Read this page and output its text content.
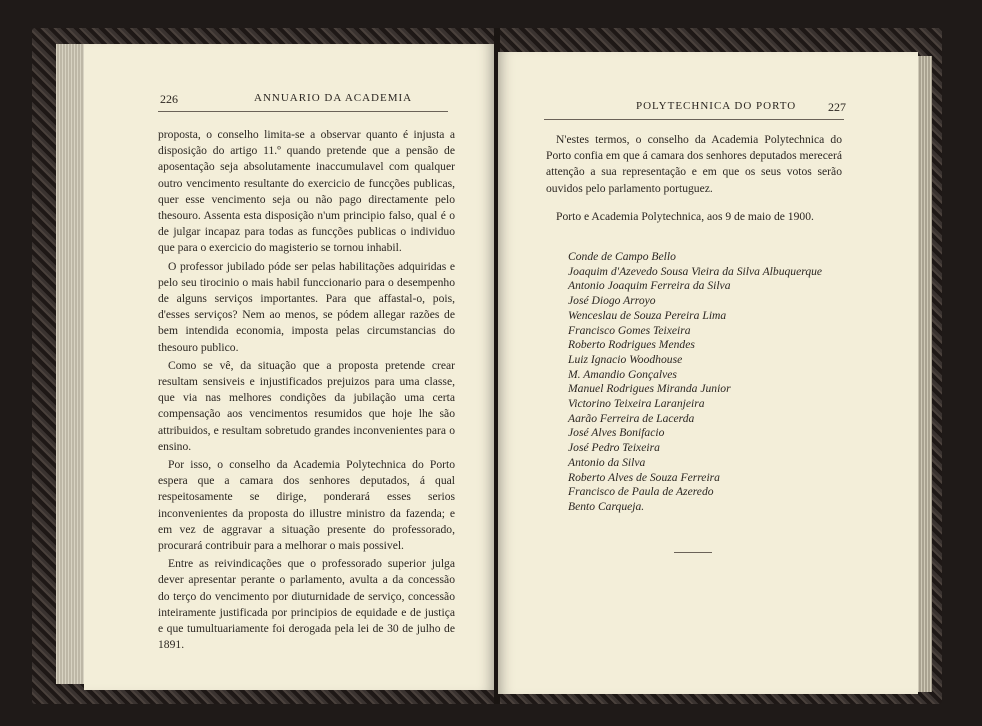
226	ANNUARIO DA ACADEMIA

proposta, o conselho limita-se a observar quanto é injusta a disposição do artigo 11.º quando pretende que a pensão de aposentação seja absolutamente inaccumulavel com qualquer outro vencimento resultante do exercicio de funcções publicas, quer esse vencimento seja ou não pago directamente pelo thesouro. Assenta esta disposição n'um principio falso, qual é o de julgar incapaz para todas as funcções publicas o individuo que para o exercicio do magisterio se tornou inhabil.

O professor jubilado póde ser pelas habilitações adquiridas e pelo seu tirocinio o mais habil funccionario para o desempenho de alguns serviços importantes. Para que affastal-o, pois, d'esses serviços? Nem ao menos, se pódem allegar razões de bem intendida economia, imposta pelas circumstancias do thesouro publico.

Como se vê, da situação que a proposta pretende crear resultam sensiveis e injustificados prejuizos para uma classe, que via nas melhores condições da jubilação uma certa compensação aos vencimentos resumidos que hoje lhe são attribuidos, e resultam sobretudo grandes inconvenientes para o ensino.

Por isso, o conselho da Academia Polytechnica do Porto espera que a camara dos senhores deputados, á qual respeitosamente se dirige, ponderará esses serios inconvenientes da proposta do illustre ministro da fazenda; e em vez de aggravar a situação presente do professorado, procurará contribuir para a melhorar o mais possivel.

Entre as reivindicações que o professorado superior julga dever apresentar perante o parlamento, avulta a da concessão do terço do vencimento por diuturnidade de serviço, concessão inteiramente justificada por principios de equidade e de justiça e que tumultuariamente foi derogada pela lei de 30 de julho de 1891.

POLYTECHNICA DO PORTO	227

N'estes termos, o conselho da Academia Polytechnica do Porto confia em que á camara dos senhores deputados merecerá attenção a sua representação e em que os seus votos serão ouvidos pelo parlamento portuguez.

Porto e Academia Polytechnica, aos 9 de maio de 1900.

Conde de Campo Bello
Joaquim d'Azevedo Sousa Vieira da Silva Albuquerque
Antonio Joaquim Ferreira da Silva
José Diogo Arroyo
Wenceslau de Souza Pereira Lima
Francisco Gomes Teixeira
Roberto Rodrigues Mendes
Luiz Ignacio Woodhouse
M. Amandio Gonçalves
Manuel Rodrigues Miranda Junior
Victorino Teixeira Laranjeira
Aarão Ferreira de Lacerda
José Alves Bonifacio
José Pedro Teixeira
Antonio da Silva
Roberto Alves de Souza Ferreira
Francisco de Paula de Azeredo
Bento Carqueja.
